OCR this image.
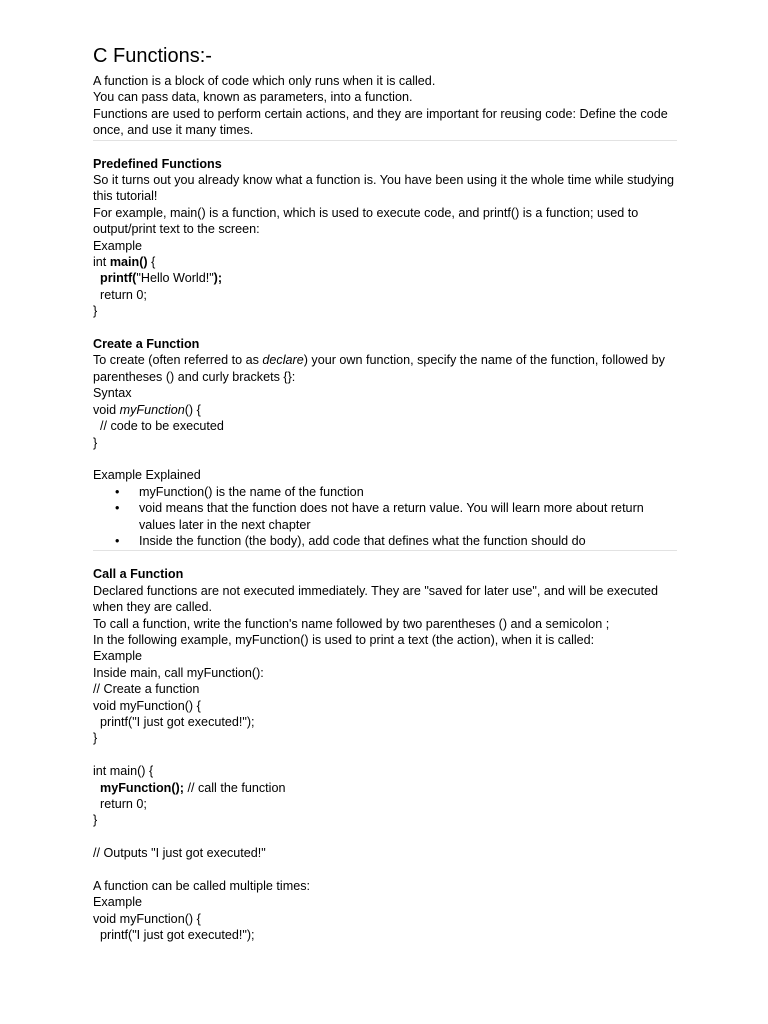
C Functions:-
A function is a block of code which only runs when it is called.
You can pass data, known as parameters, into a function.
Functions are used to perform certain actions, and they are important for reusing code: Define the code once, and use it many times.
Predefined Functions
So it turns out you already know what a function is. You have been using it the whole time while studying this tutorial!
For example, main() is a function, which is used to execute code, and printf() is a function; used to output/print text to the screen:
Example
int main() {
printf("Hello World!");
return 0;
}
Create a Function
To create (often referred to as declare) your own function, specify the name of the function, followed by parentheses () and curly brackets {}:
Syntax
void myFunction() {
// code to be executed
}
Example Explained
• myFunction() is the name of the function
• void means that the function does not have a return value. You will learn more about return values later in the next chapter
• Inside the function (the body), add code that defines what the function should do
Call a Function
Declared functions are not executed immediately. They are "saved for later use", and will be executed when they are called.
To call a function, write the function's name followed by two parentheses () and a semicolon ;
In the following example, myFunction() is used to print a text (the action), when it is called:
Example
Inside main, call myFunction():
// Create a function
void myFunction() {
printf("I just got executed!");
}
int main() {
myFunction(); // call the function
return 0;
}
// Outputs "I just got executed!"
A function can be called multiple times:
Example
void myFunction() {
printf("I just got executed!");
